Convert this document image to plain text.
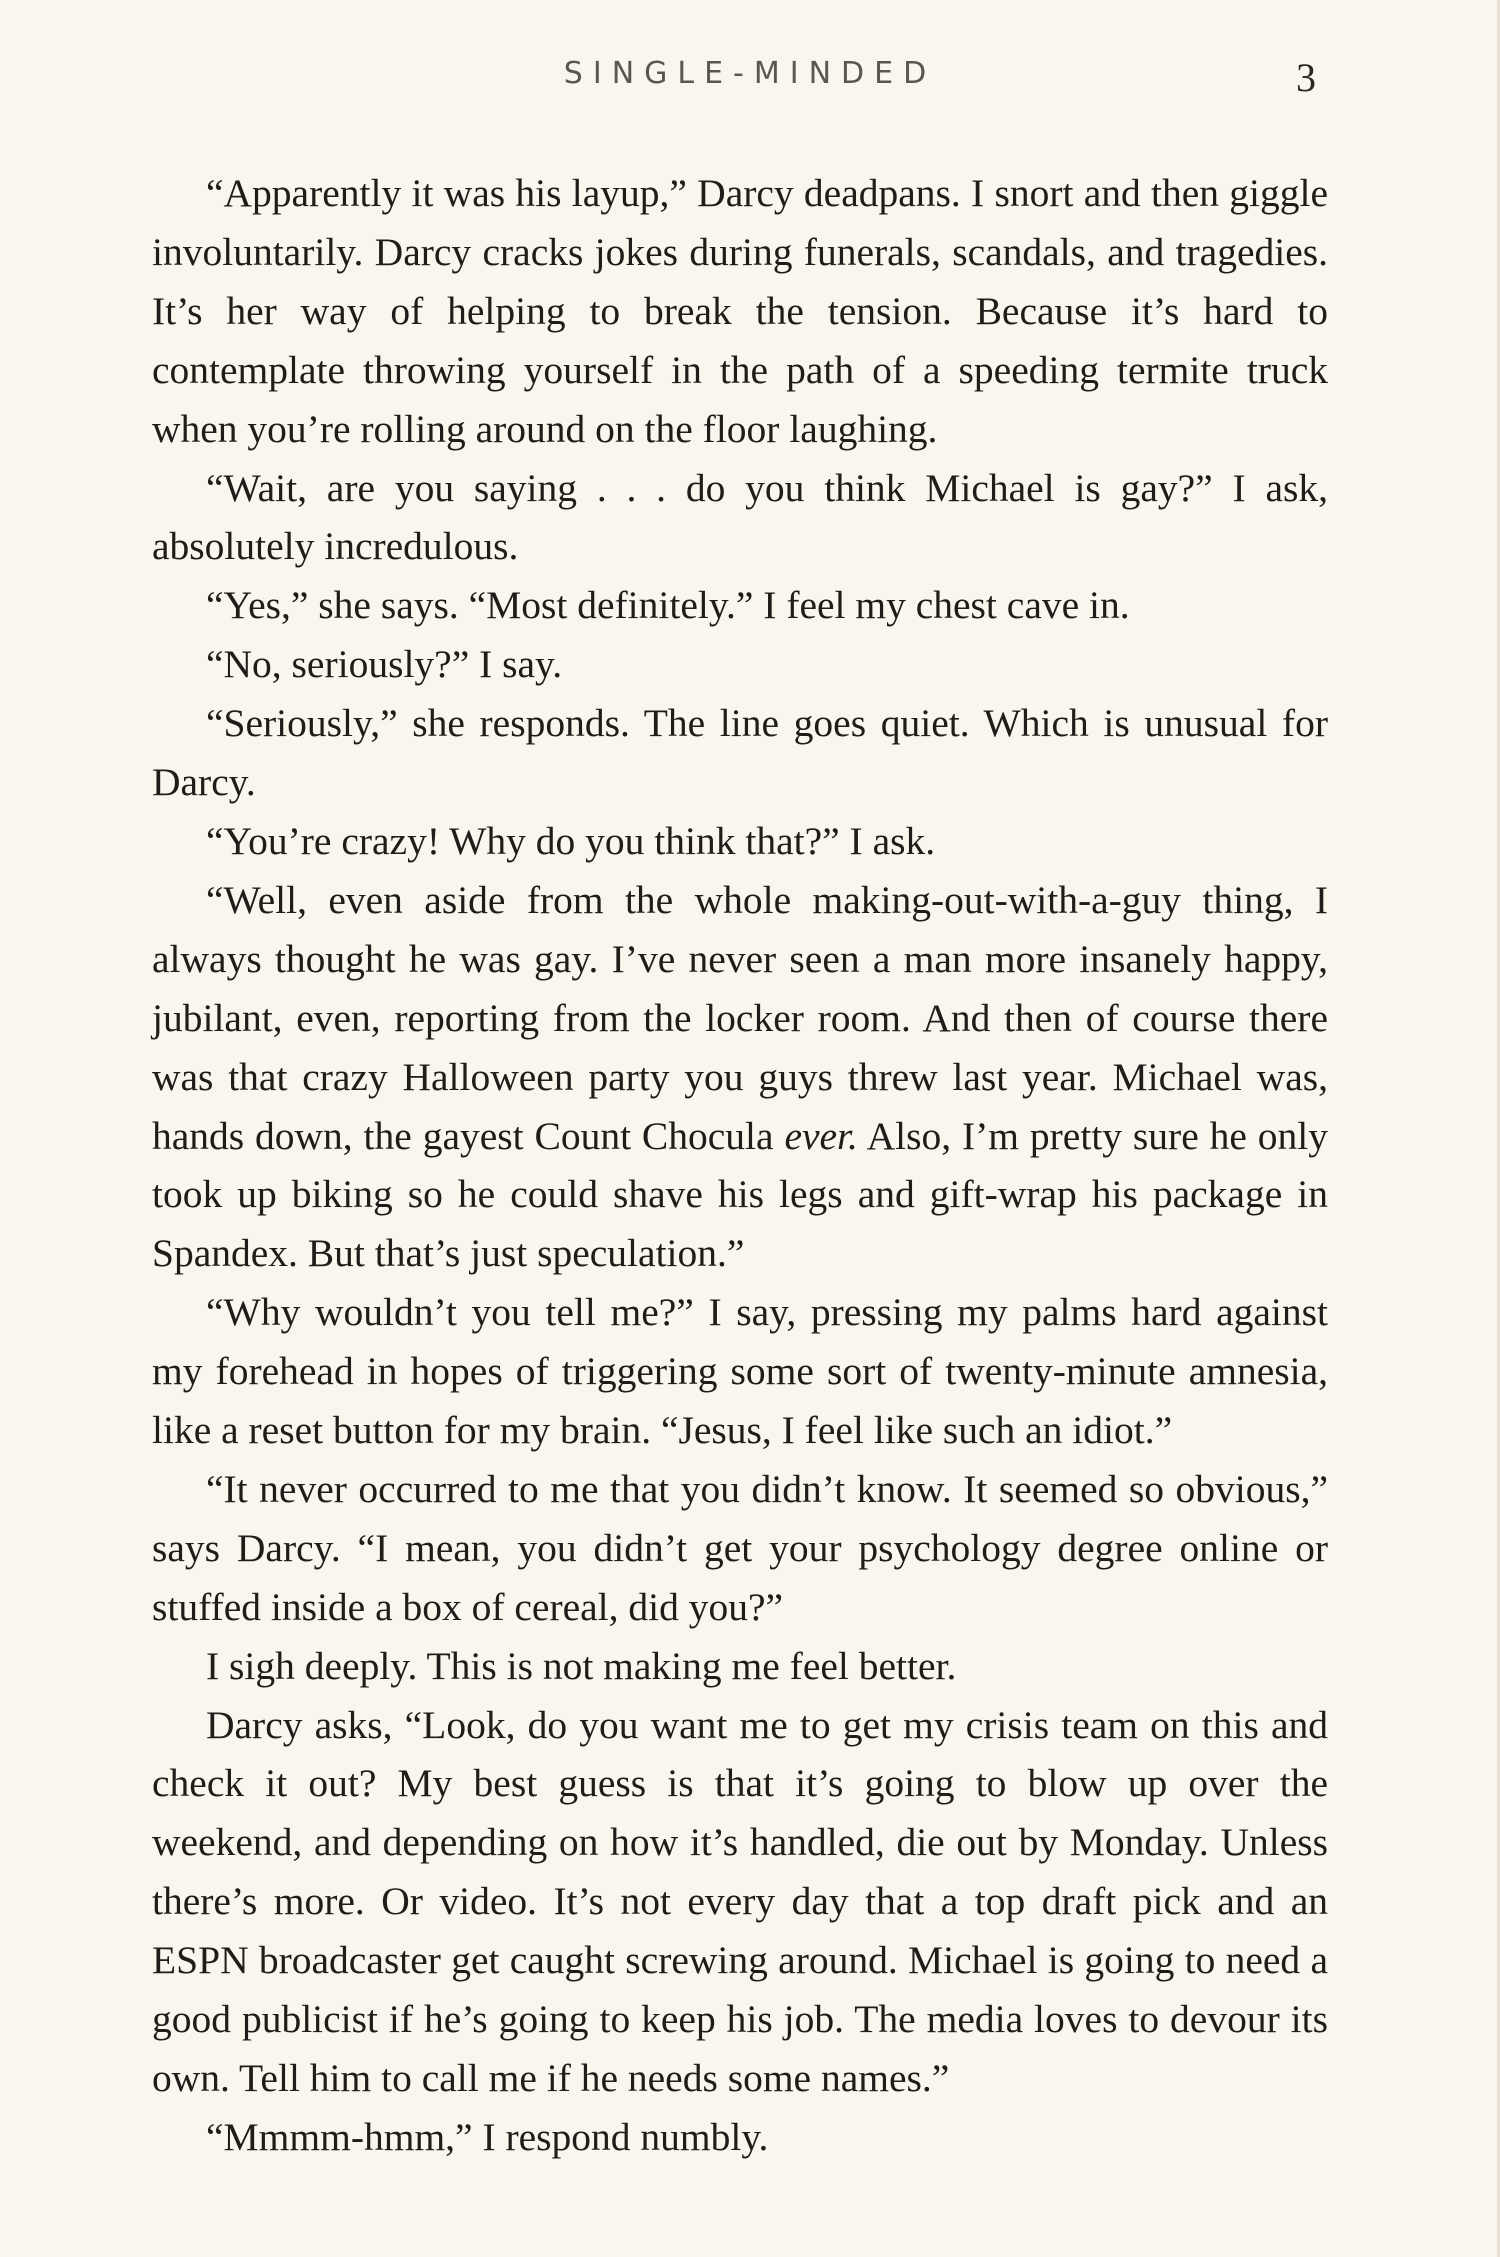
SINGLE-MINDED	3

“Apparently it was his layup,” Darcy deadpans. I snort and then giggle involuntarily. Darcy cracks jokes during funerals, scandals, and tragedies. It’s her way of helping to break the tension. Because it’s hard to contemplate throwing yourself in the path of a speeding termite truck when you’re rolling around on the floor laughing.

“Wait, are you saying . . . do you think Michael is gay?” I ask, absolutely incredulous.

“Yes,” she says. “Most definitely.” I feel my chest cave in.

“No, seriously?” I say.

“Seriously,” she responds. The line goes quiet. Which is unusual for Darcy.

“You’re crazy! Why do you think that?” I ask.

“Well, even aside from the whole making-out-with-a-guy thing, I always thought he was gay. I’ve never seen a man more insanely happy, jubilant, even, reporting from the locker room. And then of course there was that crazy Halloween party you guys threw last year. Michael was, hands down, the gayest Count Chocula ever. Also, I’m pretty sure he only took up biking so he could shave his legs and gift-wrap his package in Spandex. But that’s just speculation.”

“Why wouldn’t you tell me?” I say, pressing my palms hard against my forehead in hopes of triggering some sort of twenty-minute amnesia, like a reset button for my brain. “Jesus, I feel like such an idiot.”

“It never occurred to me that you didn’t know. It seemed so obvious,” says Darcy. “I mean, you didn’t get your psychology degree online or stuffed inside a box of cereal, did you?”

I sigh deeply. This is not making me feel better.

Darcy asks, “Look, do you want me to get my crisis team on this and check it out? My best guess is that it’s going to blow up over the weekend, and depending on how it’s handled, die out by Monday. Unless there’s more. Or video. It’s not every day that a top draft pick and an ESPN broadcaster get caught screwing around. Michael is going to need a good publicist if he’s going to keep his job. The media loves to devour its own. Tell him to call me if he needs some names.”

“Mmmm-hmm,” I respond numbly.
